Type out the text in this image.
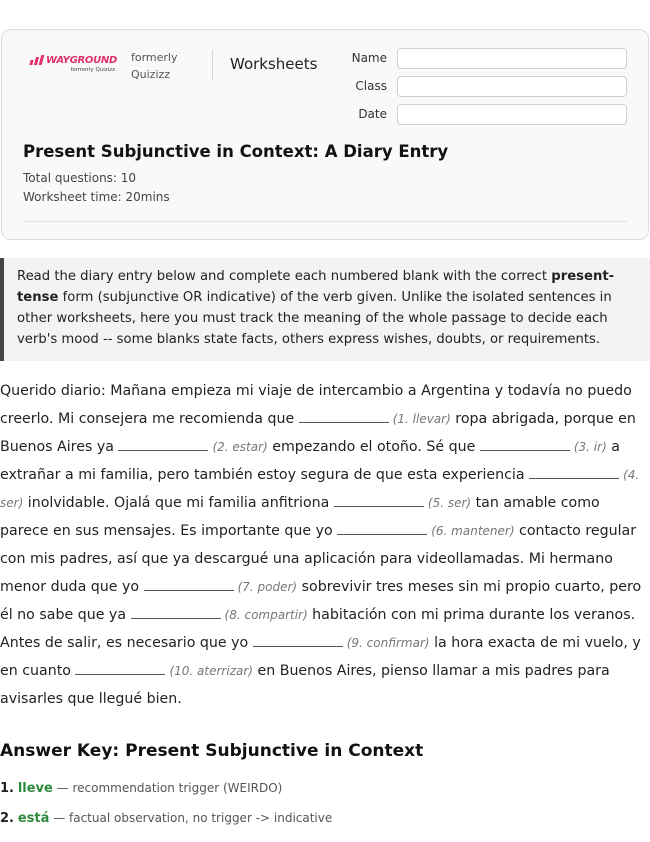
WAYGROUND
formerly Quizizz
formerly Quizizz
Worksheets	Name
Class
Date
Present Subjunctive in Context: A Diary Entry
Total questions: 10
Worksheet time: 20mins
Read the diary entry below and complete each numbered blank with the correct present-tense form (subjunctive OR indicative) of the verb given. Unlike the isolated sentences in other worksheets, here you must track the meaning of the whole passage to decide each verb's mood -- some blanks state facts, others express wishes, doubts, or requirements.
Querido diario: Mañana empieza mi viaje de intercambio a Argentina y todavía no puedo creerlo. Mi consejera me recomienda que	(1. llevar) ropa abrigada, porque en Buenos Aires ya	(2. estar) empezando el otoño. Sé que	(3. ir) a extrañar a mi familia, pero también estoy segura de que esta experiencia	(4. ser) inolvidable. Ojalá que mi familia anfitriona	(5. ser) tan amable como parece en sus mensajes. Es importante que yo	(6. mantener) contacto regular con mis padres, así que ya descargué una aplicación para videollamadas. Mi hermano menor duda que yo	(7. poder) sobrevivir tres meses sin mi propio cuarto, pero él no sabe que ya	(8. compartir) habitación con mi prima durante los veranos. Antes de salir, es necesario que yo	(9. confirmar) la hora exacta de mi vuelo, y en cuanto	(10. aterrizar) en Buenos Aires, pienso llamar a mis padres para avisarles que llegué bien.
Answer Key: Present Subjunctive in Context
1. lleve — recommendation trigger (WEIRDO)
2. está — factual observation, no trigger -> indicative
